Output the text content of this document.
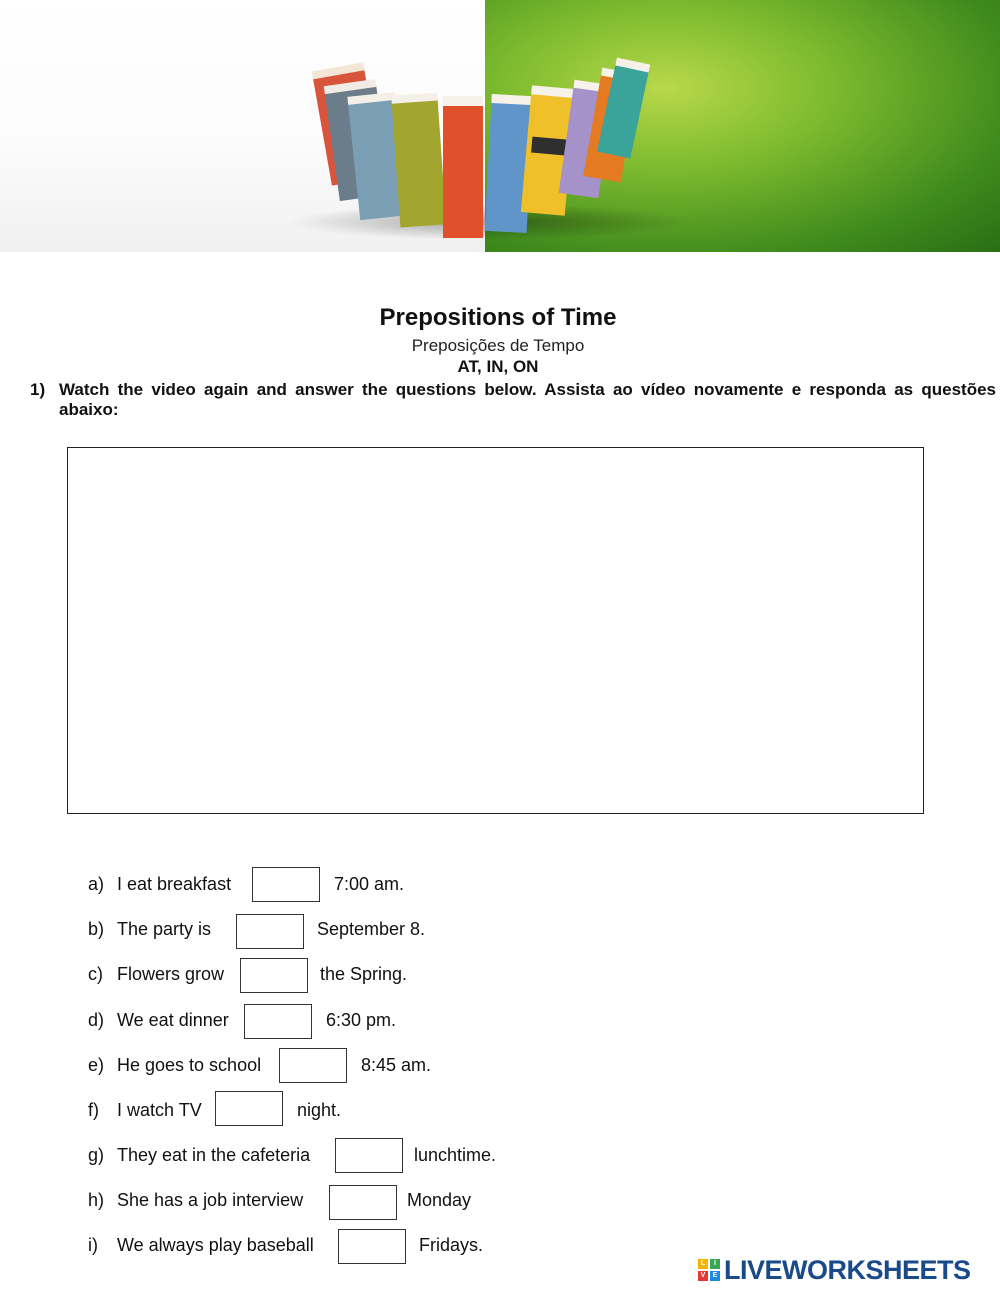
Prepositions of Time
Preposições de Tempo
AT, IN, ON
1) Watch the video again and answer the questions below. Assista ao vídeo novamente e responda as questões abaixo:
a) I eat breakfast	7:00 am.
b) The party is	September 8.
c) Flowers grow	the Spring.
d) We eat dinner	6:30 pm.
e) He goes to school	8:45 am.
f) I watch TV	night.
g) They eat in the cafeteria	lunchtime.
h) She has a job interview	Monday
i) We always play baseball	Fridays.
L	I
V	E LIVEWORKSHEETS
